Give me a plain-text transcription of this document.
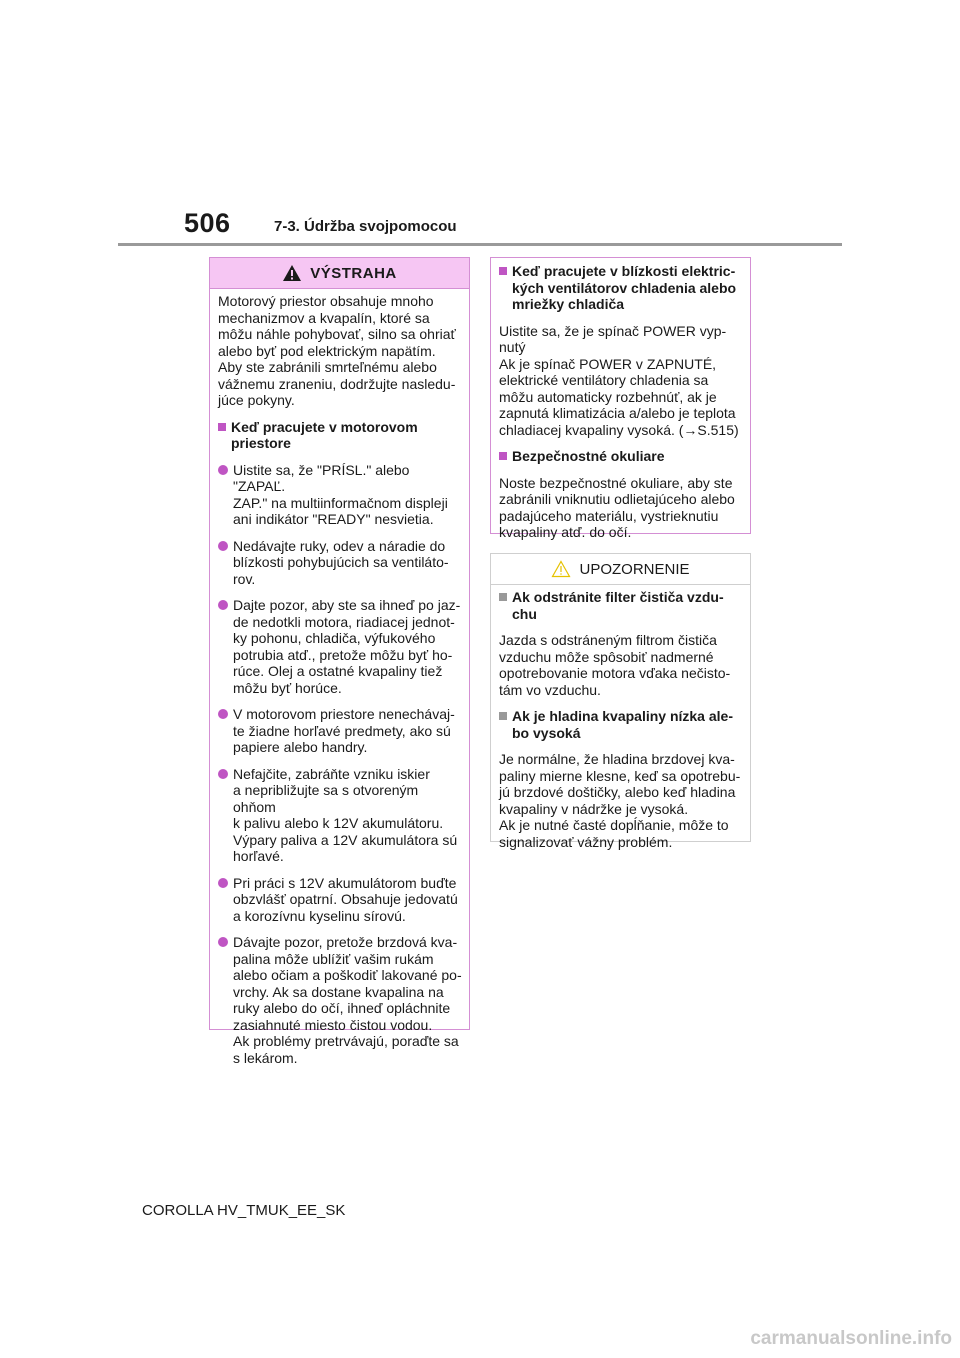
506	7-3. Údržba svojpomocou
VÝSTRAHA

Motorový priestor obsahuje mnoho
mechanizmov a kvapalín, ktoré sa
môžu náhle pohybovať, silno sa ohriať
alebo byť pod elektrickým napätím.
Aby ste zabránili smrteľnému alebo
vážnemu zraneniu, dodržujte nasledu-
júce pokyny.

Keď pracujete v motorovom
priestore
Uistite sa, že "PRÍSL." alebo "ZAPAĽ.
ZAP." na multiinformačnom displeji
ani indikátor "READY" nesvietia.
Nedávajte ruky, odev a náradie do
blízkosti pohybujúcich sa ventiláto-
rov.
Dajte pozor, aby ste sa ihneď po jaz-
de nedotkli motora, riadiacej jednot-
ky pohonu, chladiča, výfukového
potrubia atď., pretože môžu byť ho-
rúce. Olej a ostatné kvapaliny tiež
môžu byť horúce.
V motorovom priestore nenechávaj-
te žiadne horľavé predmety, ako sú
papiere alebo handry.
Nefajčite, zabráňte vzniku iskier
a nepribližujte sa s otvoreným ohňom
k palivu alebo k 12V akumulátoru.
Výpary paliva a 12V akumulátora sú
horľavé.
Pri práci s 12V akumulátorom buďte
obzvlášť opatrní. Obsahuje jedovatú
a korozívnu kyselinu sírovú.
Dávajte pozor, pretože brzdová kva-
palina môže ublížiť vašim rukám
alebo očiam a poškodiť lakované po-
vrchy. Ak sa dostane kvapalina na
ruky alebo do očí, ihneď opláchnite
zasiahnuté miesto čistou vodou.
Ak problémy pretrvávajú, poraďte sa
s lekárom.
Keď pracujete v blízkosti elektric-
kých ventilátorov chladenia alebo
mriežky chladiča

Uistite sa, že je spínač POWER vyp-
nutý
Ak je spínač POWER v ZAPNUTÉ,
elektrické ventilátory chladenia sa
môžu automaticky rozbehnúť, ak je
zapnutá klimatizácia a/alebo je teplota
chladiacej kvapaliny vysoká. (→S.515)

Bezpečnostné okuliare

Noste bezpečnostné okuliare, aby ste
zabránili vniknutiu odlietajúceho alebo
padajúceho materiálu, vystrieknutiu
kvapaliny atď. do očí.

UPOZORNENIE
Ak odstránite filter čističa vzdu-
chu

Jazda s odstráneným filtrom čističa
vzduchu môže spôsobiť nadmerné
opotrebovanie motora vďaka nečisto-
tám vo vzduchu.

Ak je hladina kvapaliny nízka ale-
bo vysoká

Je normálne, že hladina brzdovej kva-
paliny mierne klesne, keď sa opotrebu-
jú brzdové doštičky, alebo keď hladina
kvapaliny v nádržke je vysoká.
Ak je nutné časté dopĺňanie, môže to
signalizovať vážny problém.

COROLLA HV_TMUK_EE_SK
carmanualsonline.info
